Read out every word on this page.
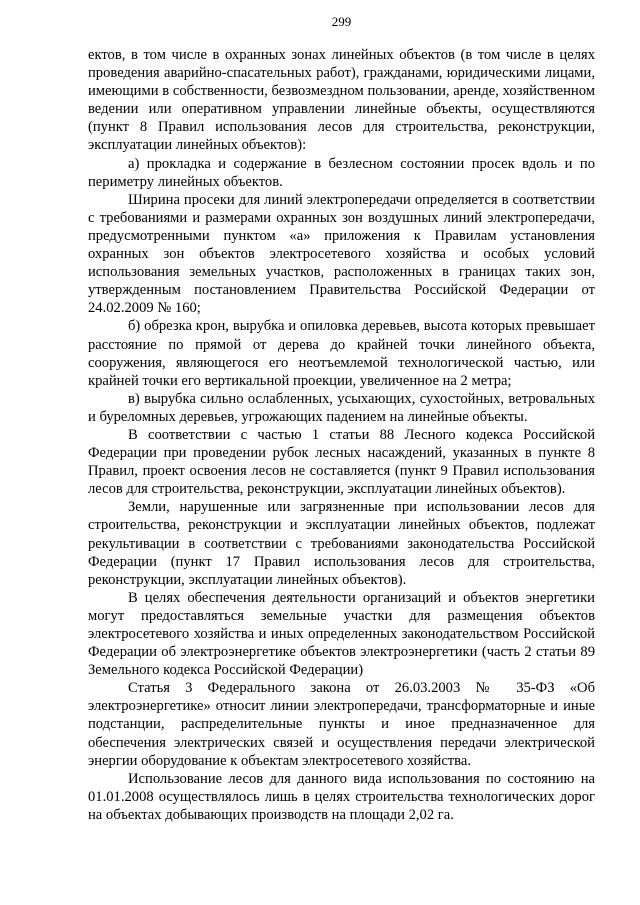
299

ектов, в том числе в охранных зонах линейных объектов (в том числе в целях проведения аварийно-спасательных работ), гражданами, юридическими лицами, имеющими в собственности, безвозмездном пользовании, аренде, хозяйственном ведении или оперативном управлении линейные объекты, осуществляются (пункт 8 Правил использования лесов для строительства, реконструкции, эксплуатации линейных объектов):

а) прокладка и содержание в безлесном состоянии просек вдоль и по периметру линейных объектов.

Ширина просеки для линий электропередачи определяется в соответствии с требованиями и размерами охранных зон воздушных линий электропередачи, предусмотренными пунктом «а» приложения к Правилам установления охранных зон объектов электросетевого хозяйства и особых условий использования земельных участков, расположенных в границах таких зон, утвержденным постановлением Правительства Российской Федерации от 24.02.2009 № 160;

б) обрезка крон, вырубка и опиловка деревьев, высота которых превышает расстояние по прямой от дерева до крайней точки линейного объекта, сооружения, являющегося его неотъемлемой технологической частью, или крайней точки его вертикальной проекции, увеличенное на 2 метра;

в) вырубка сильно ослабленных, усыхающих, сухостойных, ветровальных и буреломных деревьев, угрожающих падением на линейные объекты.

В соответствии с частью 1 статьи 88 Лесного кодекса Российской Федерации при проведении рубок лесных насаждений, указанных в пункте 8 Правил, проект освоения лесов не составляется (пункт 9 Правил использования лесов для строительства, реконструкции, эксплуатации линейных объектов).

Земли, нарушенные или загрязненные при использовании лесов для строительства, реконструкции и эксплуатации линейных объектов, подлежат рекультивации в соответствии с требованиями законодательства Российской Федерации (пункт 17 Правил использования лесов для строительства, реконструкции, эксплуатации линейных объектов).

В целях обеспечения деятельности организаций и объектов энергетики могут предоставляться земельные участки для размещения объектов электросетевого хозяйства и иных определенных законодательством Российской Федерации об электроэнергетике объектов электроэнергетики (часть 2 статьи 89 Земельного кодекса Российской Федерации)

Статья 3 Федерального закона от 26.03.2003 № 35-ФЗ «Об электроэнергетике» относит линии электропередачи, трансформаторные и иные подстанции, распределительные пункты и иное предназначенное для обеспечения электрических связей и осуществления передачи электрической энергии оборудование к объектам электросетевого хозяйства.

Использование лесов для данного вида использования по состоянию на 01.01.2008 осуществлялось лишь в целях строительства технологических дорог на объектах добывающих производств на площади 2,02 га.
